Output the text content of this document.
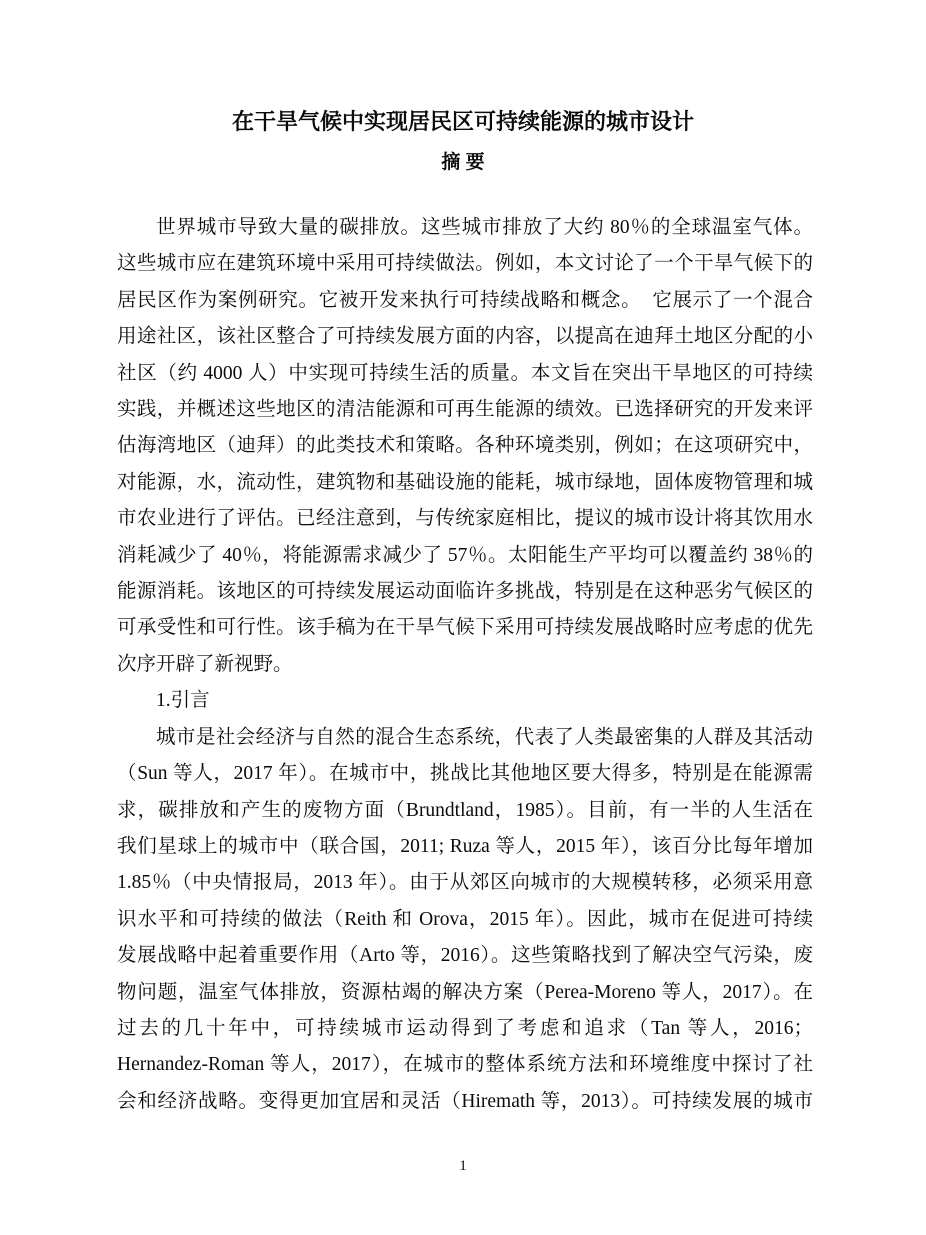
在干旱气候中实现居民区可持续能源的城市设计
摘 要
世界城市导致大量的碳排放。这些城市排放了大约 80％的全球温室气体。
这些城市应在建筑环境中采用可持续做法。例如，本文讨论了一个干旱气候下的
居民区作为案例研究。它被开发来执行可持续战略和概念。  它展示了一个混合
用途社区，该社区整合了可持续发展方面的内容，以提高在迪拜土地区分配的小
社区（约 4000 人）中实现可持续生活的质量。本文旨在突出干旱地区的可持续
实践，并概述这些地区的清洁能源和可再生能源的绩效。已选择研究的开发来评
估海湾地区（迪拜）的此类技术和策略。各种环境类别，例如；在这项研究中，
对能源，水，流动性，建筑物和基础设施的能耗，城市绿地，固体废物管理和城
市农业进行了评估。已经注意到，与传统家庭相比，提议的城市设计将其饮用水
消耗减少了 40％，将能源需求减少了 57％。太阳能生产平均可以覆盖约 38％的
能源消耗。该地区的可持续发展运动面临许多挑战，特别是在这种恶劣气候区的
可承受性和可行性。该手稿为在干旱气候下采用可持续发展战略时应考虑的优先
次序开辟了新视野。
1.引言
城市是社会经济与自然的混合生态系统，代表了人类最密集的人群及其活动
（Sun 等人，2017 年）。在城市中，挑战比其他地区要大得多，特别是在能源需
求，碳排放和产生的废物方面（Brundtland，1985）。目前，有一半的人生活在
我们星球上的城市中（联合国，2011; Ruza 等人，2015 年），该百分比每年增加
1.85％（中央情报局，2013 年）。由于从郊区向城市的大规模转移，必须采用意
识水平和可持续的做法（Reith 和 Orova，2015 年）。因此，城市在促进可持续
发展战略中起着重要作用（Arto 等，2016）。这些策略找到了解决空气污染，废
物问题，温室气体排放，资源枯竭的解决方案（Perea-Moreno 等人，2017）。在
过去的几十年中，可持续城市运动得到了考虑和追求（Tan 等人，2016；
Hernandez-Roman 等人，2017），在城市的整体系统方法和环境维度中探讨了社
会和经济战略。变得更加宜居和灵活（Hiremath 等，2013）。可持续发展的城市
1
